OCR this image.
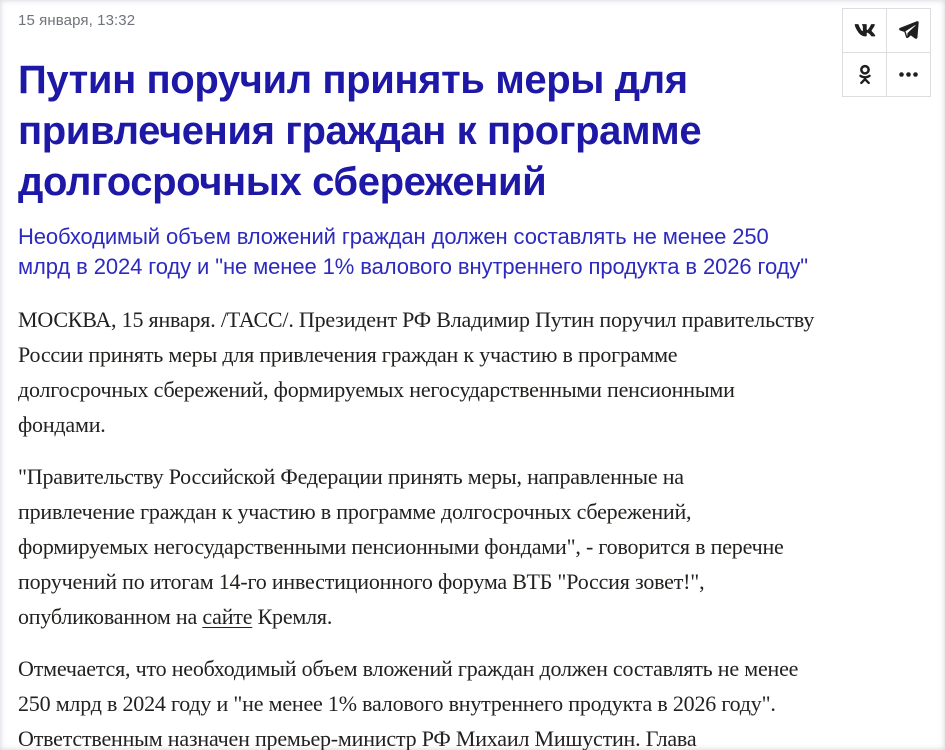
15 января, 13:32
Путин поручил принять меры для
привлечения граждан к программе
долгосрочных сбережений
Необходимый объем вложений граждан должен составлять не менее 250
млрд в 2024 году и "не менее 1% валового внутреннего продукта в 2026 году"

МОСКВА, 15 января. /ТАСС/. Президент РФ Владимир Путин поручил правительству
России принять меры для привлечения граждан к участию в программе
долгосрочных сбережений, формируемых негосударственными пенсионными
фондами.

"Правительству Российской Федерации принять меры, направленные на
привлечение граждан к участию в программе долгосрочных сбережений,
формируемых негосударственными пенсионными фондами", - говорится в перечне
поручений по итогам 14-го инвестиционного форума ВТБ "Россия зовет!",
опубликованном на сайте Кремля.

Отмечается, что необходимый объем вложений граждан должен составлять не менее
250 млрд в 2024 году и "не менее 1% валового внутреннего продукта в 2026 году".
Ответственным назначен премьер-министр РФ Михаил Мишустин. Глава
